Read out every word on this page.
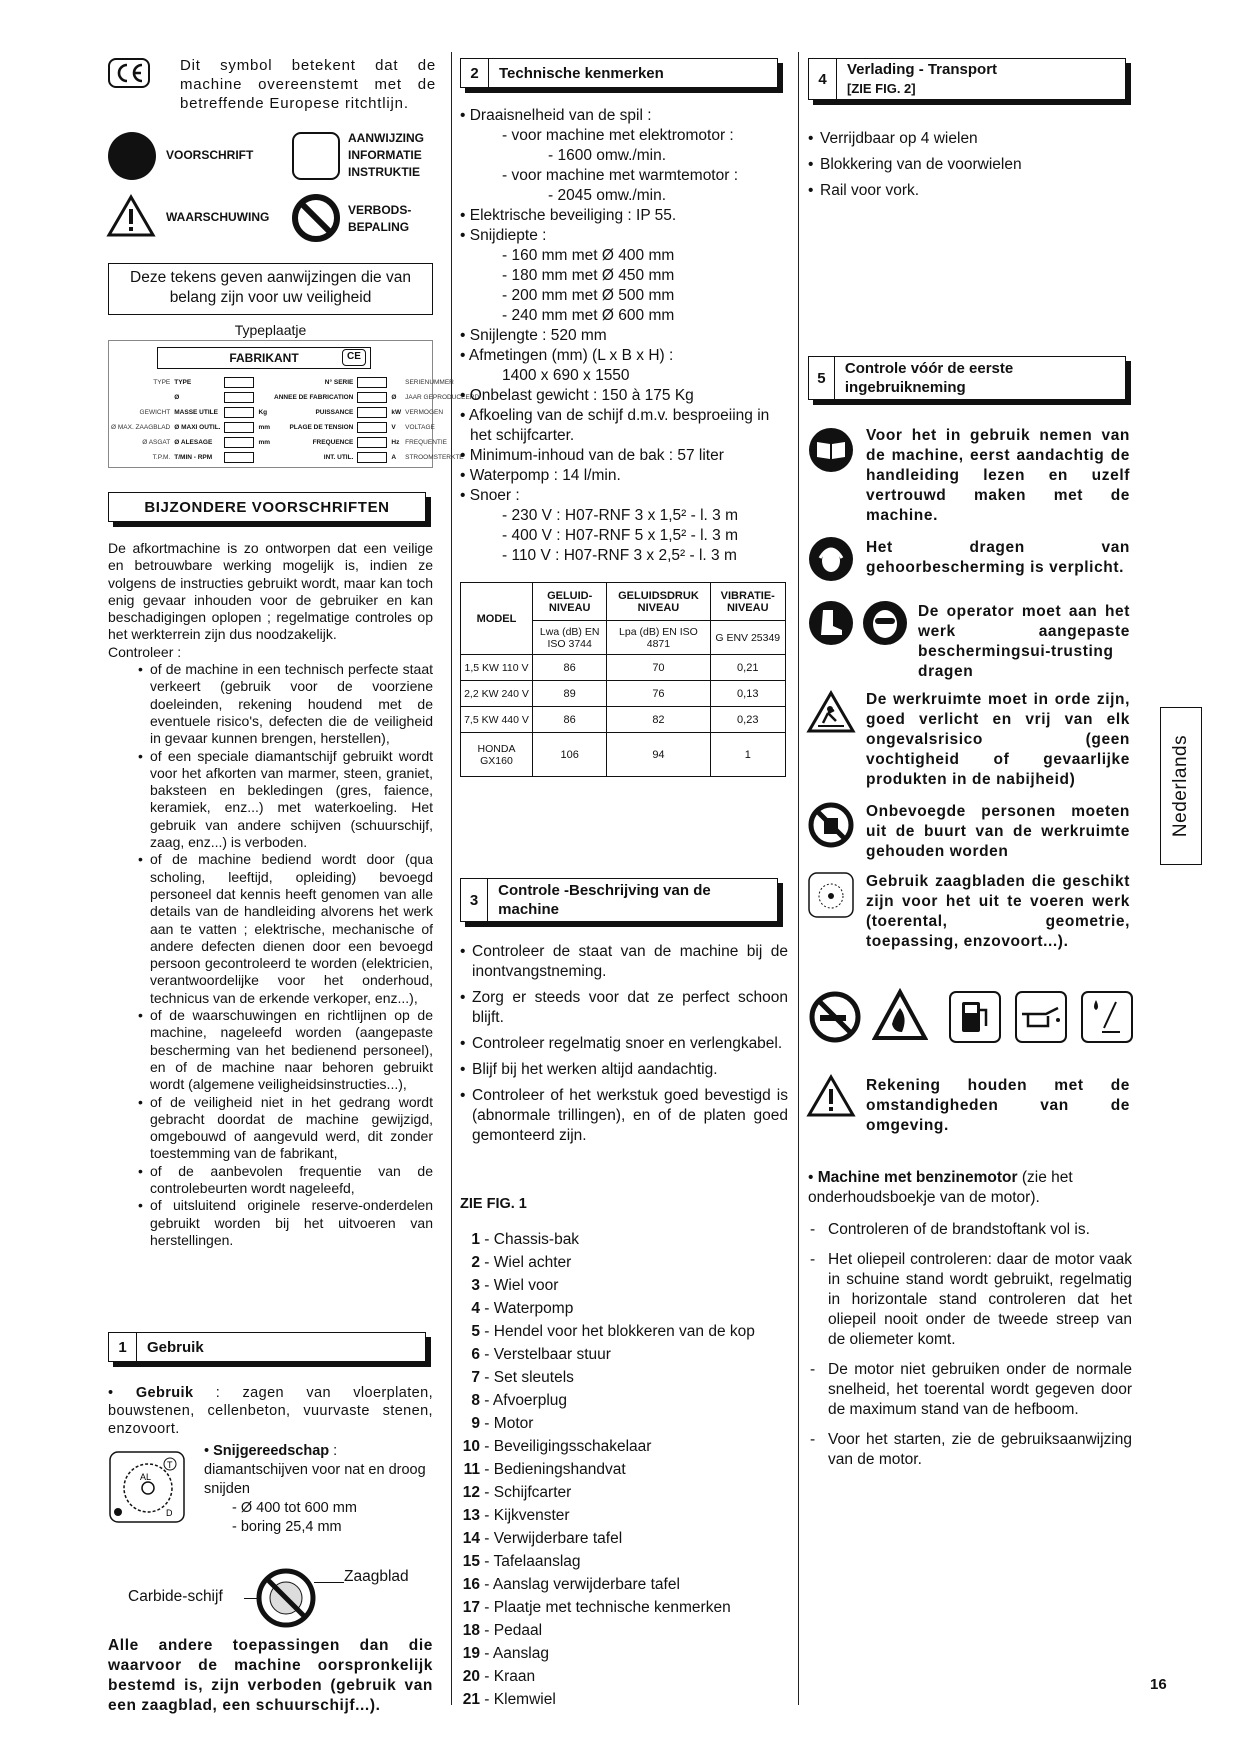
Dit symbol betekent dat de machine overeenstemt met de betreffende Europese ritchtlijn.
VOORSCHRIFT
AANWIJZING
INFORMATIE
INSTRUKTIE
WAARSCHUWING	VERBODS-
BEPALING
Deze tekens geven aanwijzingen die van belang zijn voor uw veiligheid
Typeplaatje
FABRIKANT	CE
TYPE	TYPE			N° SERIE			SERIENUMMER
	Ø			ANNEE DE FABRICATION		Ø	JAAR GEPRODUCEERD
GEWICHT	MASSE UTILE		Kg	PUISSANCE		kW	VERMOGEN
Ø MAX. ZAAGBLAD	Ø MAXI OUTIL.		mm	PLAGE DE TENSION		V	VOLTAGE
Ø ASGAT	Ø ALESAGE		mm	FREQUENCE		Hz	FREQUENTIE
T.P.M.	T/MIN - RPM			INT. UTIL.		A	STROOMSTERKTE
BIJZONDERE VOORSCHRIFTEN
De afkortmachine is zo ontworpen dat een veilige en betrouwbare werking mogelijk is, indien ze volgens de instructies gebruikt wordt, maar kan toch enig gevaar inhouden voor de gebruiker en kan beschadigingen oplopen ; regelmatige controles op het werkterrein zijn dus noodzakelijk.
Controleer :
• of de machine in een technisch perfecte staat verkeert (gebruik voor de voorziene doeleinden, rekening houdend met de eventuele risico's, defecten die de veiligheid in gevaar kunnen brengen, herstellen),
• of een speciale diamantschijf gebruikt wordt voor het afkorten van marmer, steen, graniet, baksteen en bekledingen (gres, faience, keramiek, enz...) met waterkoeling. Het gebruik van andere schijven (schuurschijf, zaag, enz...) is verboden.
• of de machine bediend wordt door (qua scholing, leeftijd, opleiding) bevoegd personeel dat kennis heeft genomen van alle details van de handleiding alvorens het werk aan te vatten ; elektrische, mechanische of andere defecten dienen door een bevoegd persoon gecontroleerd te worden (elektricien, verantwoordelijke voor het onderhoud, technicus van de erkende verkoper, enz...),
• of de waarschuwingen en richtlijnen op de machine, nageleefd worden (aangepaste bescherming van het bedienend personeel), en of de machine naar behoren gebruikt wordt (algemene veiligheidsinstructies...),
• of de veiligheid niet in het gedrang wordt gebracht doordat de machine gewijzigd, omgebouwd of aangevuld werd, dit zonder toestemming van de fabrikant,
• of de aanbevolen frequentie van de controlebeurten wordt nageleefd,
• of uitsluitend originele reserve-onderdelen gebruikt worden bij het uitvoeren van herstellingen.
1	Gebruik
• Gebruik : zagen van vloerplaten, bouwstenen, cellenbeton, vuurvaste stenen, enzovoort.
T
AL
D
• Snijgereedschap : diamantschijven voor nat en droog snijden
- Ø 400 tot 600 mm
- boring 25,4 mm
Zaagblad
Carbide-schijf
Alle andere toepassingen dan die waarvoor de machine oorspronkelijk bestemd is, zijn verboden (gebruik van een zaagblad, een schuurschijf...).
2	Technische kenmerken
• Draaisnelheid van de spil :
- voor machine met elektromotor :
- 1600 omw./min.
- voor machine met warmtemotor :
- 2045 omw./min.
• Elektrische beveiliging : IP 55.
• Snijdiepte :
- 160 mm met Ø 400 mm
- 180 mm met Ø 450 mm
- 200 mm met Ø 500 mm
- 240 mm met Ø 600 mm
• Snijlengte : 520 mm
• Afmetingen (mm) (L x B x H) :
1400 x 690 x 1550
• Onbelast gewicht : 150 à 175 Kg
• Afkoeling van de schijf d.m.v. besproeiing in het schijfcarter.
• Minimum-inhoud van de bak : 57 liter
• Waterpomp : 14 l/min.
• Snoer :
- 230 V : H07-RNF 3 x 1,5² - l. 3 m
- 400 V : H07-RNF 5 x 1,5² - l. 3 m
- 110 V : H07-RNF 3 x 2,5² - l. 3 m
MODEL	GELUID-NIVEAU	GELUIDSDRUK NIVEAU	VIBRATIE-NIVEAU
	Lwa (dB) EN ISO 3744	Lpa (dB) EN ISO 4871	G ENV 25349
1,5 KW 110 V	86	70	0,21
2,2 KW 240 V	89	76	0,13
7,5 KW 440 V	86	82	0,23
HONDA GX160	106	94	1
3
Controle -Beschrijving van de machine
• Controleer de staat van de machine bij de inontvangstneming.
• Zorg er steeds voor dat ze perfect schoon blijft.
• Controleer regelmatig snoer en verlengkabel.
• Blijf bij het werken altijd aandachtig.
• Controleer of het werkstuk goed bevestigd is (abnormale trillingen), en of de platen goed gemonteerd zijn.
ZIE FIG. 1
1 - Chassis-bak
2 - Wiel achter
3 - Wiel voor
4 - Waterpomp
5 - Hendel voor het blokkeren van de kop
6 - Verstelbaar stuur
7 - Set sleutels
8 - Afvoerplug
9 - Motor
10 - Beveiligingsschakelaar
11 - Bedieningshandvat
12 - Schijfcarter
13 - Kijkvenster
14 - Verwijderbare tafel
15 - Tafelaanslag
16 - Aanslag verwijderbare tafel
17 - Plaatje met technische kenmerken
18 - Pedaal
19 - Aanslag
20 - Kraan
21 - Klemwiel
4
Verlading - Transport
[ZIE FIG. 2]
• Verrijdbaar op 4 wielen
• Blokkering van de voorwielen
• Rail voor vork.
5
Controle vóór de eerste ingebruikneming
Voor het in gebruik nemen van de machine, eerst aandachtig de handleiding lezen en uzelf vertrouwd maken met de machine.
Het dragen van gehoorbescherming is verplicht.
De operator moet aan het werk aangepaste beschermingsui-trusting dragen
De werkruimte moet in orde zijn, goed verlicht en vrij van elk ongevalsrisico (geen vochtigheid of gevaarlijke produkten in de nabijheid)
Onbevoegde personen moeten uit de buurt van de werkruimte gehouden worden
Gebruik zaagbladen die geschikt zijn voor het uit te voeren werk (toerental, geometrie, toepassing, enzovoort...).
Rekening houden met de omstandigheden van de omgeving.
• Machine met benzinemotor (zie het onderhoudsboekje van de motor).
- Controleren of de brandstoftank vol is.
- Het oliepeil controleren: daar de motor vaak in schuine stand wordt gebruikt, regelmatig in horizontale stand controleren dat het oliepeil nooit onder de tweede streep van de oliemeter komt.
- De motor niet gebruiken onder de normale snelheid, het toerental wordt gegeven door de maximum stand van de hefboom.
- Voor het starten, zie de gebruiksaanwijzing van de motor.
Nederlands
16
